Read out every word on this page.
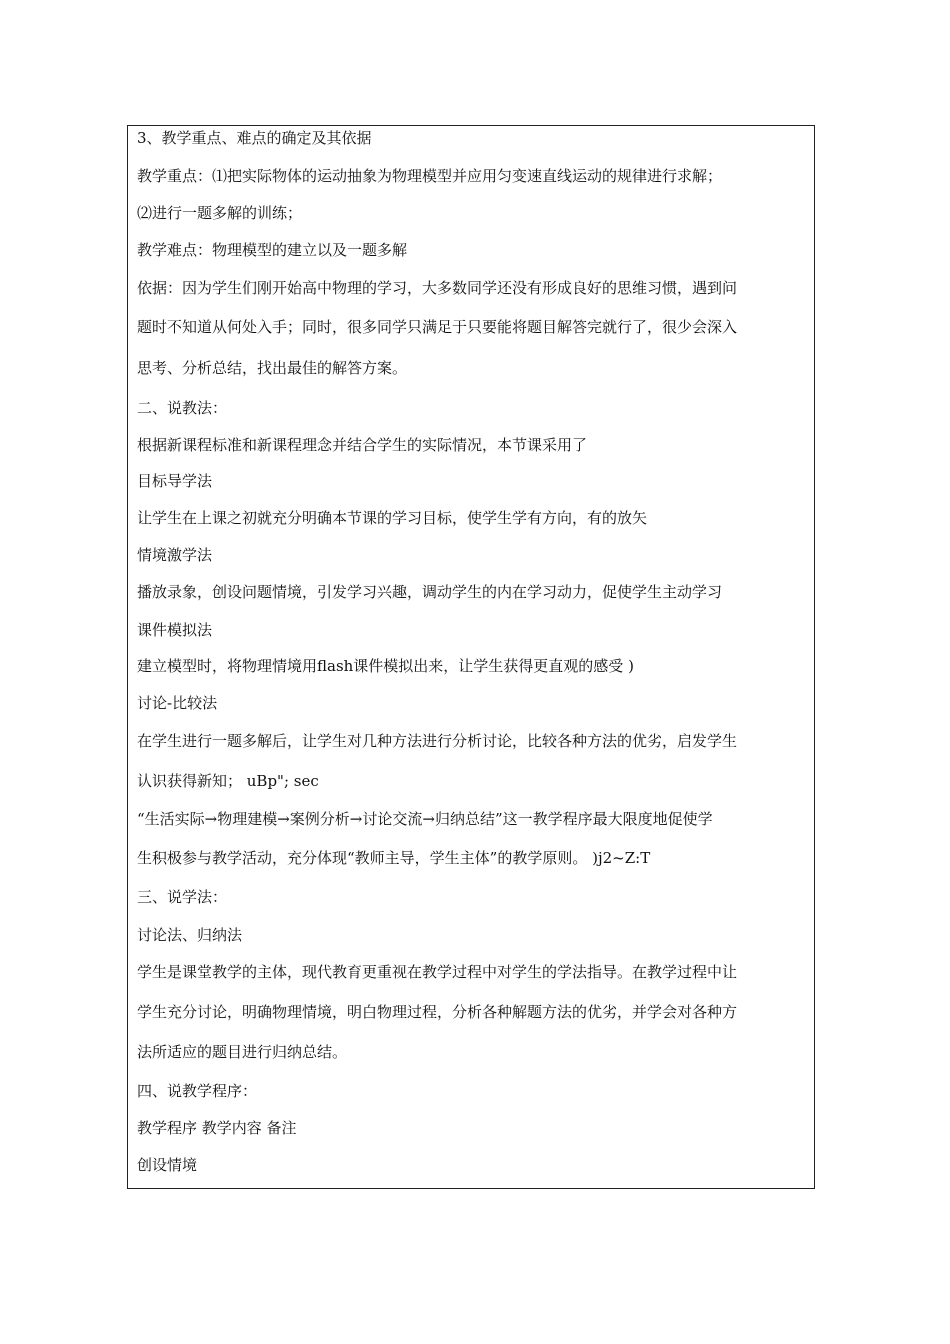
3、教学重点、难点的确定及其依据
教学重点：⑴把实际物体的运动抽象为物理模型并应用匀变速直线运动的规律进行求解；
⑵进行一题多解的训练；
教学难点：物理模型的建立以及一题多解
依据：因为学生们刚开始高中物理的学习，大多数同学还没有形成良好的思维习惯，遇到问
题时不知道从何处入手；同时，很多同学只满足于只要能将题目解答完就行了，很少会深入
思考、分析总结，找出最佳的解答方案。
二、说教法：
根据新课程标准和新课程理念并结合学生的实际情况，本节课采用了
目标导学法
让学生在上课之初就充分明确本节课的学习目标，使学生学有方向，有的放矢
情境激学法
播放录象，创设问题情境，引发学习兴趣，调动学生的内在学习动力，促使学生主动学习
课件模拟法
建立模型时，将物理情境用flash课件模拟出来，让学生获得更直观的感受 )
讨论-比较法
在学生进行一题多解后，让学生对几种方法进行分析讨论，比较各种方法的优劣，启发学生
认识获得新知； uBp"; sec
“生活实际→物理建模→案例分析→讨论交流→归纳总结”这一教学程序最大限度地促使学
生积极参与教学活动，充分体现“教师主导，学生主体”的教学原则。 )j2~Z:T
三、说学法：
讨论法、归纳法
学生是课堂教学的主体，现代教育更重视在教学过程中对学生的学法指导。在教学过程中让
学生充分讨论，明确物理情境，明白物理过程，分析各种解题方法的优劣，并学会对各种方
法所适应的题目进行归纳总结。
四、说教学程序：
教学程序 教学内容 备注
创设情境
